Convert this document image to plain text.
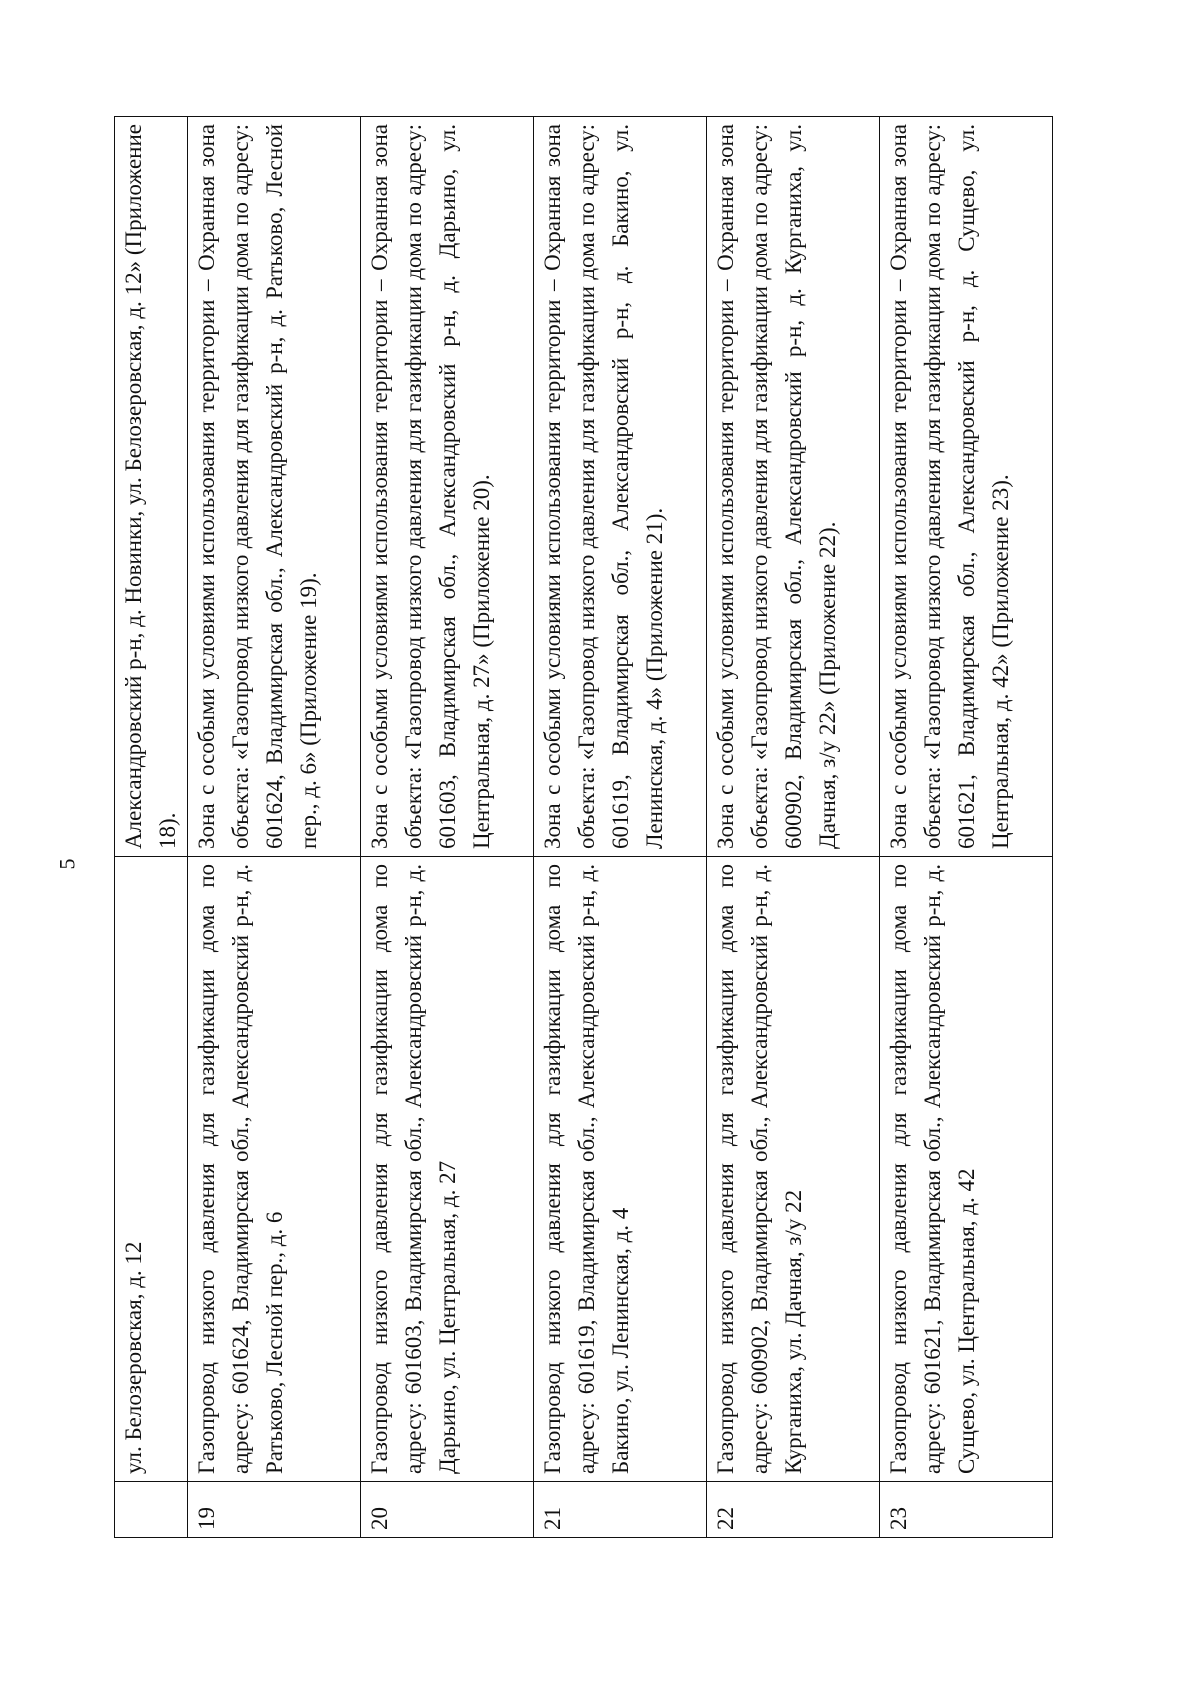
5
	ул. Белозеровская, д. 12	Александровский р-н, д. Новинки, ул. Белозеровская, д. 12» (Приложение 18).
19	Газопровод низкого давления для газификации дома по адресу: 601624, Владимирская обл., Александровский р-н, д. Ратьково, Лесной пер., д. 6	Зона с особыми условиями использования территории – Охранная зона объекта: «Газопровод низкого давления для газификации дома по адресу: 601624, Владимирская обл., Александровский р-н, д. Ратьково, Лесной пер., д. 6» (Приложение 19).
20	Газопровод низкого давления для газификации дома по адресу: 601603, Владимирская обл., Александровский р-н, д. Дарьино, ул. Центральная, д. 27	Зона с особыми условиями использования территории – Охранная зона объекта: «Газопровод низкого давления для газификации дома по адресу: 601603, Владимирская обл., Александровский р-н, д. Дарьино, ул. Центральная, д. 27» (Приложение 20).
21	Газопровод низкого давления для газификации дома по адресу: 601619, Владимирская обл., Александровский р-н, д. Бакино, ул. Ленинская, д. 4	Зона с особыми условиями использования территории – Охранная зона объекта: «Газопровод низкого давления для газификации дома по адресу: 601619, Владимирская обл., Александровский р-н, д. Бакино, ул. Ленинская, д. 4» (Приложение 21).
22	Газопровод низкого давления для газификации дома по адресу: 600902, Владимирская обл., Александровский р-н, д. Курганиха, ул. Дачная, з/у 22	Зона с особыми условиями использования территории – Охранная зона объекта: «Газопровод низкого давления для газификации дома по адресу: 600902, Владимирская обл., Александровский р-н, д. Курганиха, ул. Дачная, з/у 22» (Приложение 22).
23	Газопровод низкого давления для газификации дома по адресу: 601621, Владимирская обл., Александровский р-н, д. Сущево, ул. Центральная, д. 42	Зона с особыми условиями использования территории – Охранная зона объекта: «Газопровод низкого давления для газификации дома по адресу: 601621, Владимирская обл., Александровский р-н, д. Сущево, ул. Центральная, д. 42» (Приложение 23).
